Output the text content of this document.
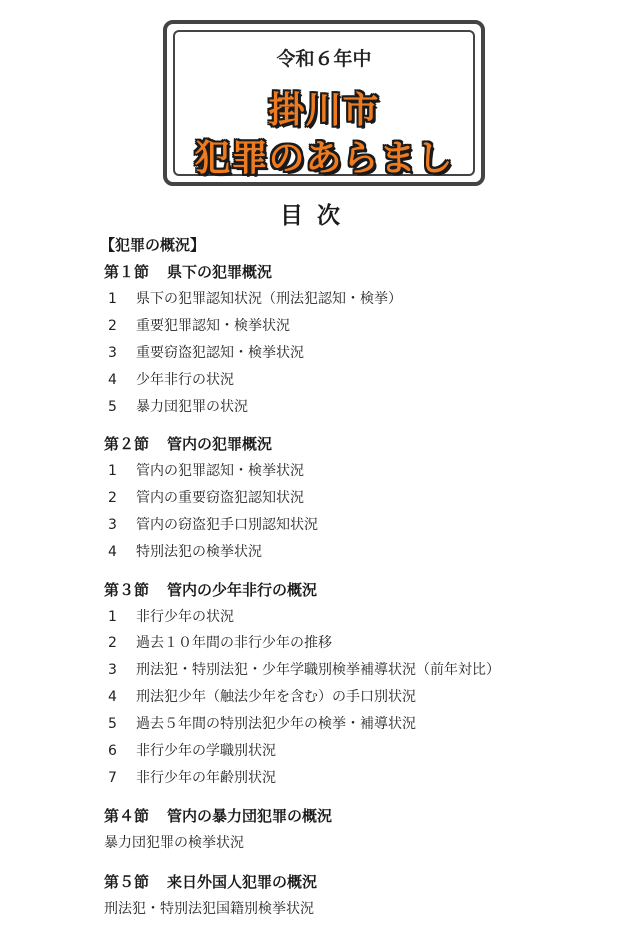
令和６年中
掛川市
犯罪のあらまし
目次
【犯罪の概況】
第１節 県下の犯罪概況
1 県下の犯罪認知状況（刑法犯認知・検挙）
2 重要犯罪認知・検挙状況
3 重要窃盗犯認知・検挙状況
4 少年非行の状況
5 暴力団犯罪の状況
第２節 管内の犯罪概況
1 管内の犯罪認知・検挙状況
2 管内の重要窃盗犯認知状況
3 管内の窃盗犯手口別認知状況
4 特別法犯の検挙状況
第３節 管内の少年非行の概況
1 非行少年の状況
2 過去１０年間の非行少年の推移
3 刑法犯・特別法犯・少年学職別検挙補導状況（前年対比）
4 刑法犯少年（触法少年を含む）の手口別状況
5 過去５年間の特別法犯少年の検挙・補導状況
6 非行少年の学職別状況
7 非行少年の年齢別状況
第４節 管内の暴力団犯罪の概況
暴力団犯罪の検挙状況
第５節 来日外国人犯罪の概況
刑法犯・特別法犯国籍別検挙状況
